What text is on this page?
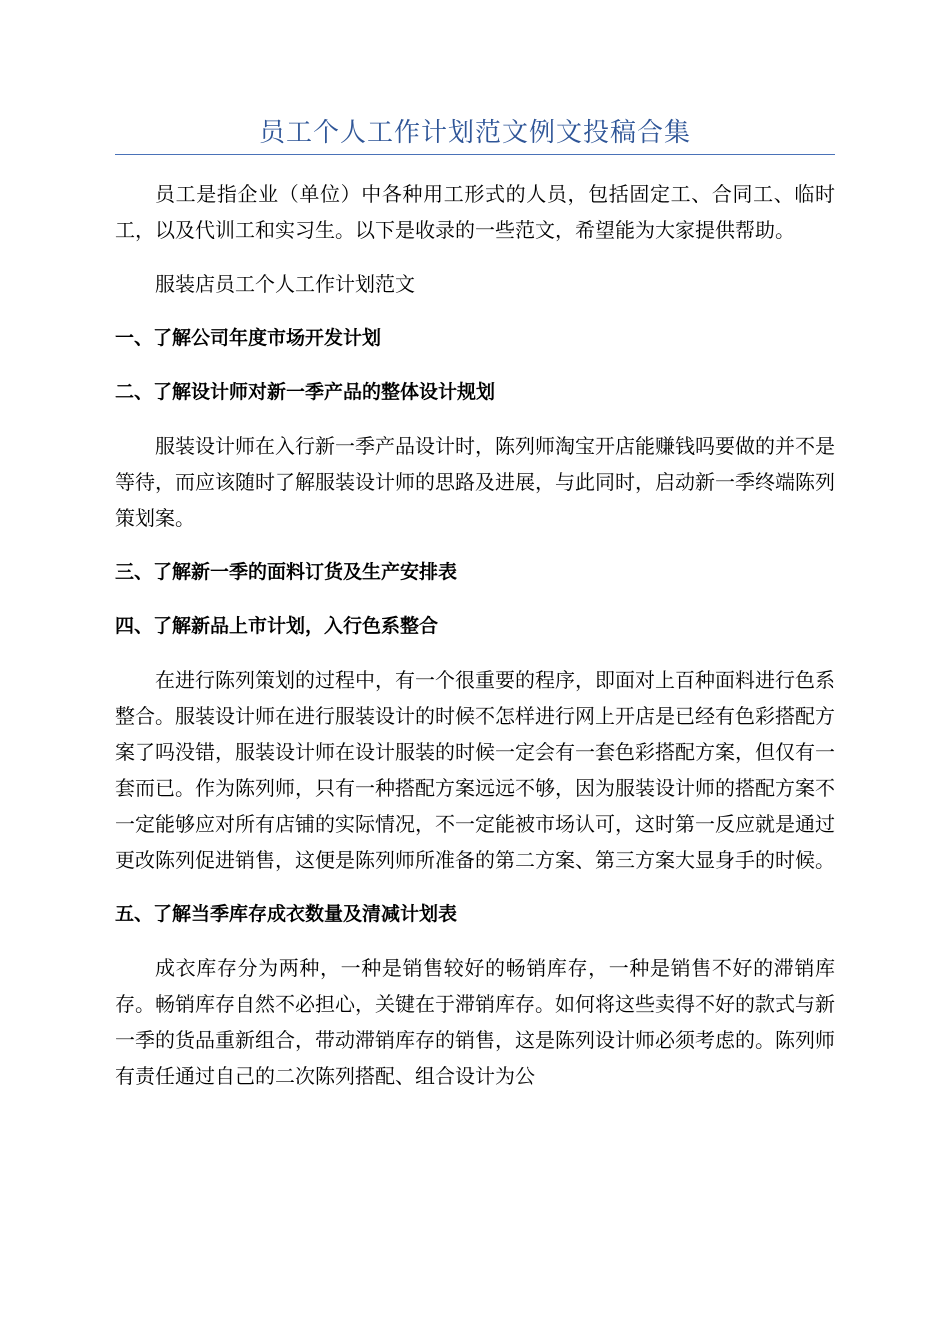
员工个人工作计划范文例文投稿合集

员工是指企业（单位）中各种用工形式的人员，包括固定工、合同工、临时工，以及代训工和实习生。以下是收录的一些范文，希望能为大家提供帮助。

服装店员工个人工作计划范文

一、了解公司年度市场开发计划
二、了解设计师对新一季产品的整体设计规划

服装设计师在入行新一季产品设计时，陈列师淘宝开店能赚钱吗要做的并不是等待，而应该随时了解服装设计师的思路及进展，与此同时，启动新一季终端陈列策划案。

三、了解新一季的面料订货及生产安排表
四、了解新品上市计划，入行色系整合

在进行陈列策划的过程中，有一个很重要的程序，即面对上百种面料进行色系整合。服装设计师在进行服装设计的时候不怎样进行网上开店是已经有色彩搭配方案了吗没错，服装设计师在设计服装的时候一定会有一套色彩搭配方案，但仅有一套而已。作为陈列师，只有一种搭配方案远远不够，因为服装设计师的搭配方案不一定能够应对所有店铺的实际情况，不一定能被市场认可，这时第一反应就是通过更改陈列促进销售，这便是陈列师所准备的第二方案、第三方案大显身手的时候。

五、了解当季库存成衣数量及清减计划表

成衣库存分为两种，一种是销售较好的畅销库存，一种是销售不好的滞销库存。畅销库存自然不必担心，关键在于滞销库存。如何将这些卖得不好的款式与新一季的货品重新组合，带动滞销库存的销售，这是陈列设计师必须考虑的。陈列师有责任通过自己的二次陈列搭配、组合设计为公
